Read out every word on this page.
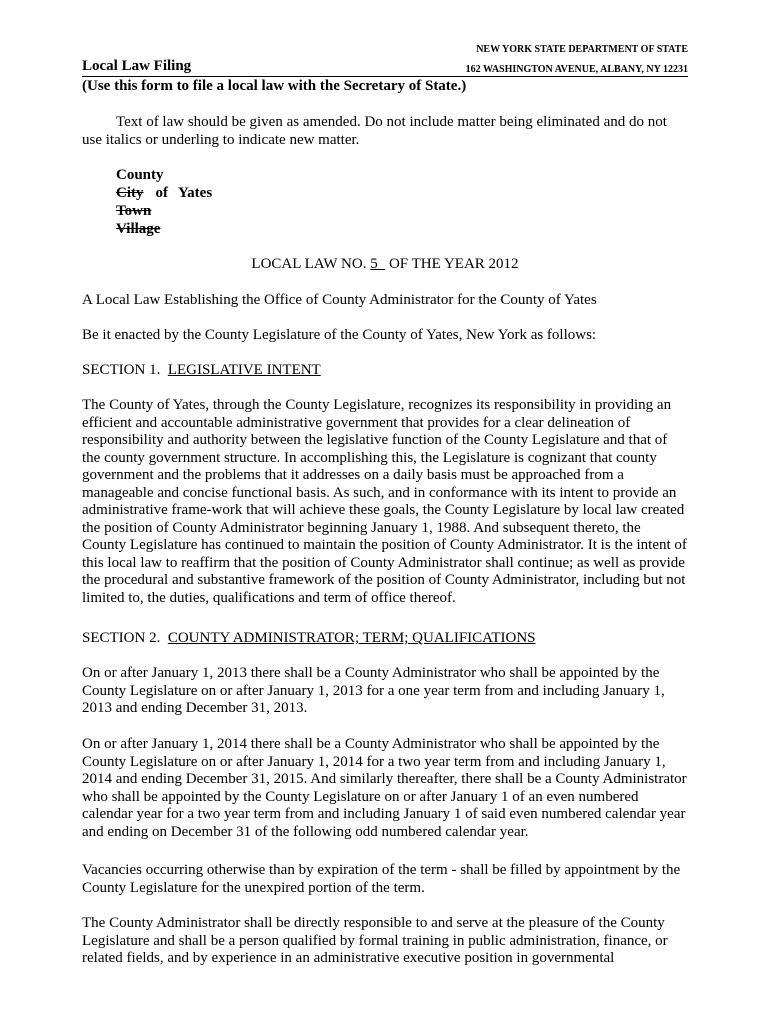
NEW YORK STATE DEPARTMENT OF STATE
Local Law Filing	162 WASHINGTON AVENUE, ALBANY, NY 12231
(Use this form to file a local law with the Secretary of State.)

Text of law should be given as amended. Do not include matter being eliminated and do not use italics or underling to indicate new matter.

County
City of Yates
Town
Village
LOCAL LAW NO. 5 OF THE YEAR 2012
A Local Law Establishing the Office of County Administrator for the County of Yates
Be it enacted by the County Legislature of the County of Yates, New York as follows:
SECTION 1. LEGISLATIVE INTENT

The County of Yates, through the County Legislature, recognizes its responsibility in providing an efficient and accountable administrative government that provides for a clear delineation of responsibility and authority between the legislative function of the County Legislature and that of the county government structure. In accomplishing this, the Legislature is cognizant that county government and the problems that it addresses on a daily basis must be approached from a manageable and concise functional basis. As such, and in conformance with its intent to provide an administrative frame-work that will achieve these goals, the County Legislature by local law created the position of County Administrator beginning January 1, 1988. And subsequent thereto, the County Legislature has continued to maintain the position of County Administrator. It is the intent of this local law to reaffirm that the position of County Administrator shall continue; as well as provide the procedural and substantive framework of the position of County Administrator, including but not limited to, the duties, qualifications and term of office thereof.

SECTION 2. COUNTY ADMINISTRATOR; TERM; QUALIFICATIONS

On or after January 1, 2013 there shall be a County Administrator who shall be appointed by the County Legislature on or after January 1, 2013 for a one year term from and including January 1, 2013 and ending December 31, 2013.

On or after January 1, 2014 there shall be a County Administrator who shall be appointed by the County Legislature on or after January 1, 2014 for a two year term from and including January 1, 2014 and ending December 31, 2015. And similarly thereafter, there shall be a County Administrator who shall be appointed by the County Legislature on or after January 1 of an even numbered calendar year for a two year term from and including January 1 of said even numbered calendar year and ending on December 31 of the following odd numbered calendar year.

Vacancies occurring otherwise than by expiration of the term - shall be filled by appointment by the County Legislature for the unexpired portion of the term.

The County Administrator shall be directly responsible to and serve at the pleasure of the County Legislature and shall be a person qualified by formal training in public administration, finance, or related fields, and by experience in an administrative executive position in governmental
